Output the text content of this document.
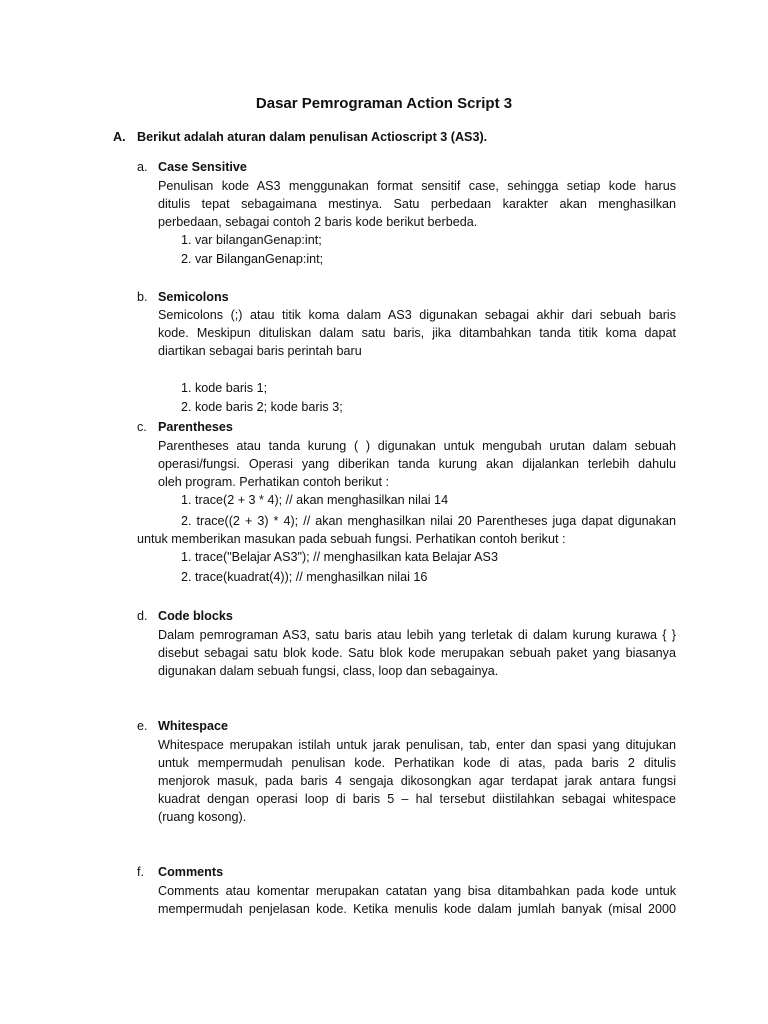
Dasar Pemrograman Action Script 3
A. Berikut adalah aturan dalam penulisan Actioscript 3 (AS3).
a. Case Sensitive
Penulisan kode AS3 menggunakan format sensitif case, sehingga setiap kode harus
ditulis tepat sebagaimana mestinya. Satu perbedaan karakter akan menghasilkan
perbedaan, sebagai contoh 2 baris kode berikut berbeda.
1. var bilanganGenap:int;
2. var BilanganGenap:int;
b. Semicolons
Semicolons (;) atau titik koma dalam AS3 digunakan sebagai akhir dari sebuah baris
kode. Meskipun dituliskan dalam satu baris, jika ditambahkan tanda titik koma dapat
diartikan sebagai baris perintah baru
1. kode baris 1;
2. kode baris 2; kode baris 3;
c. Parentheses
Parentheses atau tanda kurung ( ) digunakan untuk mengubah urutan dalam sebuah
operasi/fungsi. Operasi yang diberikan tanda kurung akan dijalankan terlebih dahulu
oleh program. Perhatikan contoh berikut :
1. trace(2 + 3 * 4); // akan menghasilkan nilai 14
2. trace((2 + 3) * 4); // akan menghasilkan nilai 20 Parentheses juga dapat digunakan
untuk memberikan masukan pada sebuah fungsi. Perhatikan contoh berikut :
1. trace("Belajar AS3"); // menghasilkan kata Belajar AS3
2. trace(kuadrat(4)); // menghasilkan nilai 16
d. Code blocks
Dalam pemrograman AS3, satu baris atau lebih yang terletak di dalam kurung kurawa { }
disebut sebagai satu blok kode. Satu blok kode merupakan sebuah paket yang biasanya
digunakan dalam sebuah fungsi, class, loop dan sebagainya.
e. Whitespace
Whitespace merupakan istilah untuk jarak penulisan, tab, enter dan spasi yang ditujukan
untuk mempermudah penulisan kode. Perhatikan kode di atas, pada baris 2 ditulis
menjorok masuk, pada baris 4 sengaja dikosongkan agar terdapat jarak antara fungsi
kuadrat dengan operasi loop di baris 5 – hal tersebut diistilahkan sebagai whitespace
(ruang kosong).
f. Comments
Comments atau komentar merupakan catatan yang bisa ditambahkan pada kode untuk
mempermudah penjelasan kode. Ketika menulis kode dalam jumlah banyak (misal 2000
